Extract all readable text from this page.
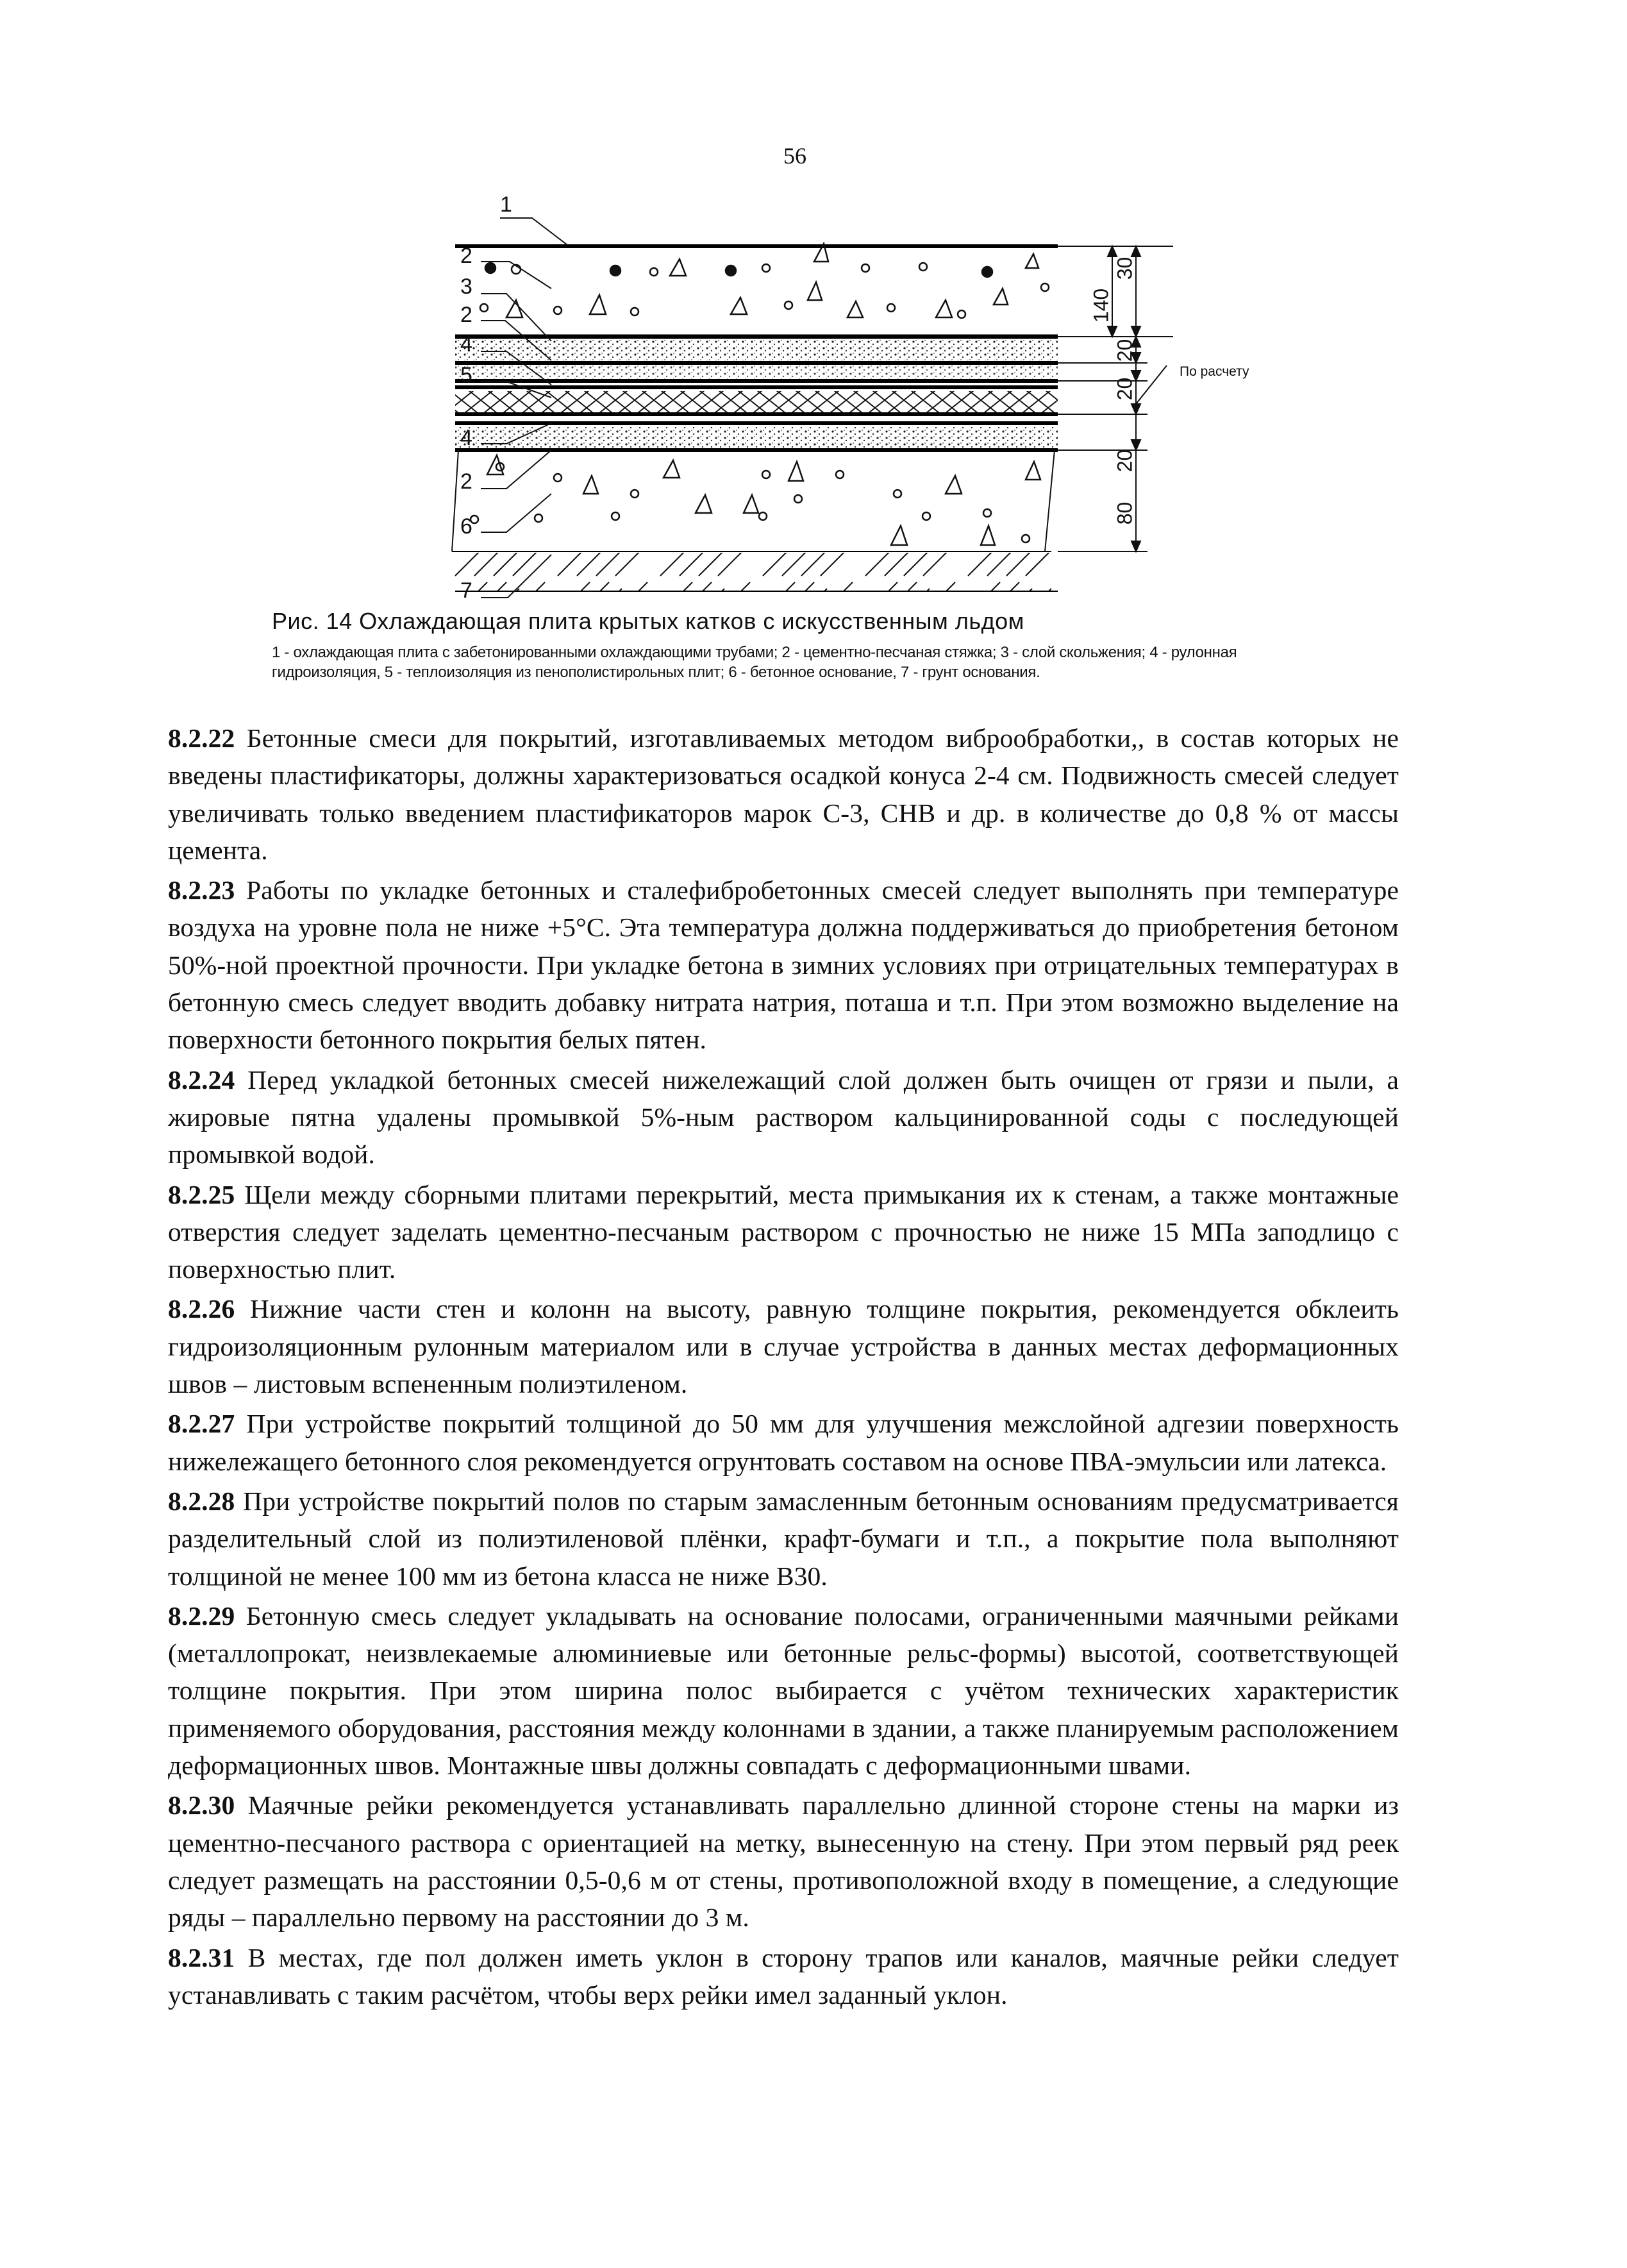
56
1
2
3
2
4
5
4
2
6
7
30
140
20
20
20
80
По расчету
Рис. 14 Охлаждающая плита крытых катков с искусственным льдом
1 - охлаждающая плита с забетонированными охлаждающими трубами; 2 - цементно-песчаная стяжка; 3 - слой скольжения; 4 - рулонная гидроизоляция, 5 - теплоизоляция из пенополистирольных плит; 6 - бетонное основание, 7 - грунт основания.

8.2.22 Бетонные смеси для покрытий, изготавливаемых методом виброобработки,, в состав которых не введены пластификаторы, должны характеризоваться осадкой конуса 2-4 см. Подвижность смесей следует увеличивать только введением пластификаторов марок С-3, СНВ и др. в количестве до 0,8 % от массы цемента.

8.2.23 Работы по укладке бетонных и сталефибробетонных смесей следует выполнять при температуре воздуха на уровне пола не ниже +5°С. Эта температура должна поддерживаться до приобретения бетоном 50%-ной проектной прочности. При укладке бетона в зимних условиях при отрицательных температурах в бетонную смесь следует вводить добавку нитрата натрия, поташа и т.п. При этом возможно выделение на поверхности бетонного покрытия белых пятен.

8.2.24 Перед укладкой бетонных смесей нижележащий слой должен быть очищен от грязи и пыли, а жировые пятна удалены промывкой 5%-ным раствором кальцинированной соды с последующей промывкой водой.

8.2.25 Щели между сборными плитами перекрытий, места примыкания их к стенам, а также монтажные отверстия следует заделать цементно-песчаным раствором с прочностью не ниже 15 МПа заподлицо с поверхностью плит.

8.2.26 Нижние части стен и колонн на высоту, равную толщине покрытия, рекомендуется обклеить гидроизоляционным рулонным материалом или в случае устройства в данных местах деформационных швов – листовым вспененным полиэтиленом.

8.2.27 При устройстве покрытий толщиной до 50 мм для улучшения межслойной адгезии поверхность нижележащего бетонного слоя рекомендуется огрунтовать составом на основе ПВА-эмульсии или латекса.

8.2.28 При устройстве покрытий полов по старым замасленным бетонным основаниям предусматривается разделительный слой из полиэтиленовой плёнки, крафт-бумаги и т.п., а покрытие пола выполняют толщиной не менее 100 мм из бетона класса не ниже В30.

8.2.29 Бетонную смесь следует укладывать на основание полосами, ограниченными маячными рейками (металлопрокат, неизвлекаемые алюминиевые или бетонные рельс-формы) высотой, соответствующей толщине покрытия. При этом ширина полос выбирается с учётом технических характеристик применяемого оборудования, расстояния между колоннами в здании, а также планируемым расположением деформационных швов. Монтажные швы должны совпадать с деформационными швами.

8.2.30 Маячные рейки рекомендуется устанавливать параллельно длинной стороне стены на марки из цементно-песчаного раствора с ориентацией на метку, вынесенную на стену. При этом первый ряд реек следует размещать на расстоянии 0,5-0,6 м от стены, противоположной входу в помещение, а следующие ряды – параллельно первому на расстоянии до 3 м.

8.2.31 В местах, где пол должен иметь уклон в сторону трапов или каналов, маячные рейки следует устанавливать с таким расчётом, чтобы верх рейки имел заданный уклон.
